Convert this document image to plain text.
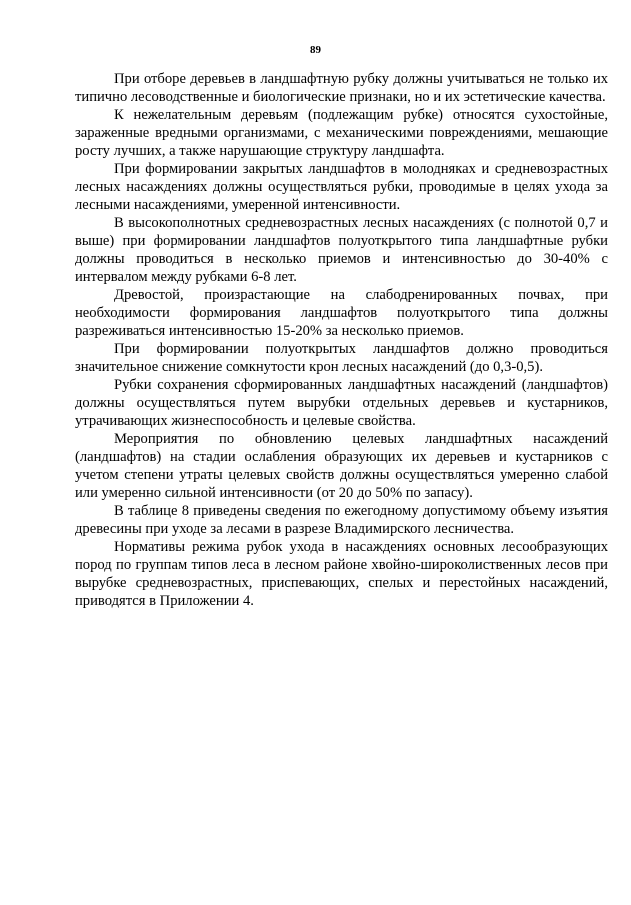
89

При отборе деревьев в ландшафтную рубку должны учитываться не только их типично лесоводственные и биологические признаки, но и их эстетические качества.

К нежелательным деревьям (подлежащим рубке) относятся сухостойные, зараженные вредными организмами, с механическими повреждениями, мешающие росту лучших, а также нарушающие структуру ландшафта.

При формировании закрытых ландшафтов в молодняках и средневозрастных лесных насаждениях должны осуществляться рубки, проводимые в целях ухода за лесными насаждениями, умеренной интенсивности.

В высокополнотных средневозрастных лесных насаждениях (с полнотой 0,7 и выше) при формировании ландшафтов полуоткрытого типа ландшафтные рубки должны проводиться в несколько приемов и интенсивностью до 30-40% с интервалом между рубками 6-8 лет.

Древостой, произрастающие на слабодренированных почвах, при необходимости формирования ландшафтов полуоткрытого типа должны разреживаться интенсивностью 15-20% за несколько приемов.

При формировании полуоткрытых ландшафтов должно проводиться значительное снижение сомкнутости крон лесных насаждений (до 0,3-0,5).

Рубки сохранения сформированных ландшафтных насаждений (ландшафтов) должны осуществляться путем вырубки отдельных деревьев и кустарников, утрачивающих жизнеспособность и целевые свойства.

Мероприятия по обновлению целевых ландшафтных насаждений (ландшафтов) на стадии ослабления образующих их деревьев и кустарников с учетом степени утраты целевых свойств должны осуществляться умеренно слабой или умеренно сильной интенсивности (от 20 до 50% по запасу).

В таблице 8 приведены сведения по ежегодному допустимому объему изъятия древесины при уходе за лесами в разрезе Владимирского лесничества.

Нормативы режима рубок ухода в насаждениях основных лесообразующих пород по группам типов леса в лесном районе хвойно-широколиственных лесов при вырубке средневозрастных, приспевающих, спелых и перестойных насаждений, приводятся в Приложении 4.
